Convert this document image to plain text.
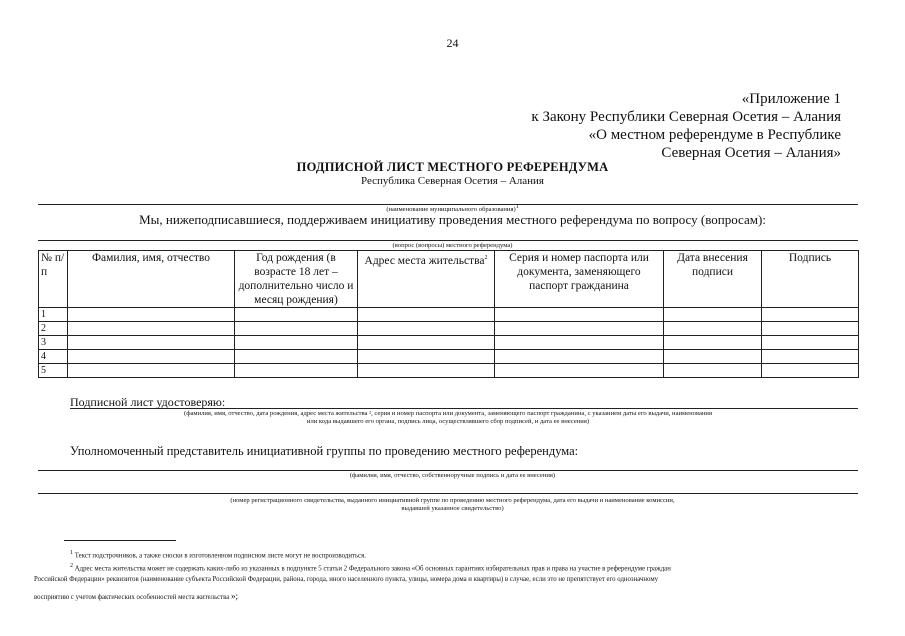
24
«Приложение 1
к Закону Республики Северная Осетия – Алания
«О местном референдуме в Республике
Северная Осетия – Алания»
ПОДПИСНОЙ ЛИСТ МЕСТНОГО РЕФЕРЕНДУМА
Республика Северная Осетия – Алания
(наименование муниципального образования)$^1$
Мы, нижеподписавшиеся, поддерживаем инициативу проведения местного референдума по вопросу (вопросам):
(вопрос (вопросы) местного референдума)
№ п/п	Фамилия, имя, отчество	Год рождения (в возрасте 18 лет – дополнительно число и месяц рождения)	Адрес места жительства$^2$	Серия и номер паспорта или документа, заменяющего паспорт гражданина	Дата внесения подписи	Подпись
1						
2						
3						
4						
5						
Подписной лист удостоверяю:
(фамилия, имя, отчество, дата рождения, адрес места жительства ², серия и номер паспорта или документа, заменяющего паспорт гражданина, с указанием даты его выдачи, наименования
или кода выдавшего его органа, подпись лица, осуществлявшего сбор подписей, и дата ее внесения)
Уполномоченный представитель инициативной группы по проведению местного референдума:
(фамилия, имя, отчество, собственноручные подпись и дата ее внесения)
(номер регистрационного свидетельства, выданного инициативной группе по проведению местного референдума, дата его выдачи и наименование комиссии,
выдавшей указанное свидетельство)
$^1$ Текст подстрочников, а также сноски в изготовленном подписном листе могут не воспроизводиться.
$^2$ Адрес места жительства может не содержать каких-либо из указанных в подпункте 5 статьи 2 Федерального закона «Об основных гарантиях избирательных прав и права на участие в референдуме граждан
Российской Федерации» реквизитов (наименование субъекта Российской Федерации, района, города, иного населенного пункта, улицы, номера дома и квартиры) в случае, если это не препятствует его однозначному
восприятию с учетом фактических особенностей места жительства »;
